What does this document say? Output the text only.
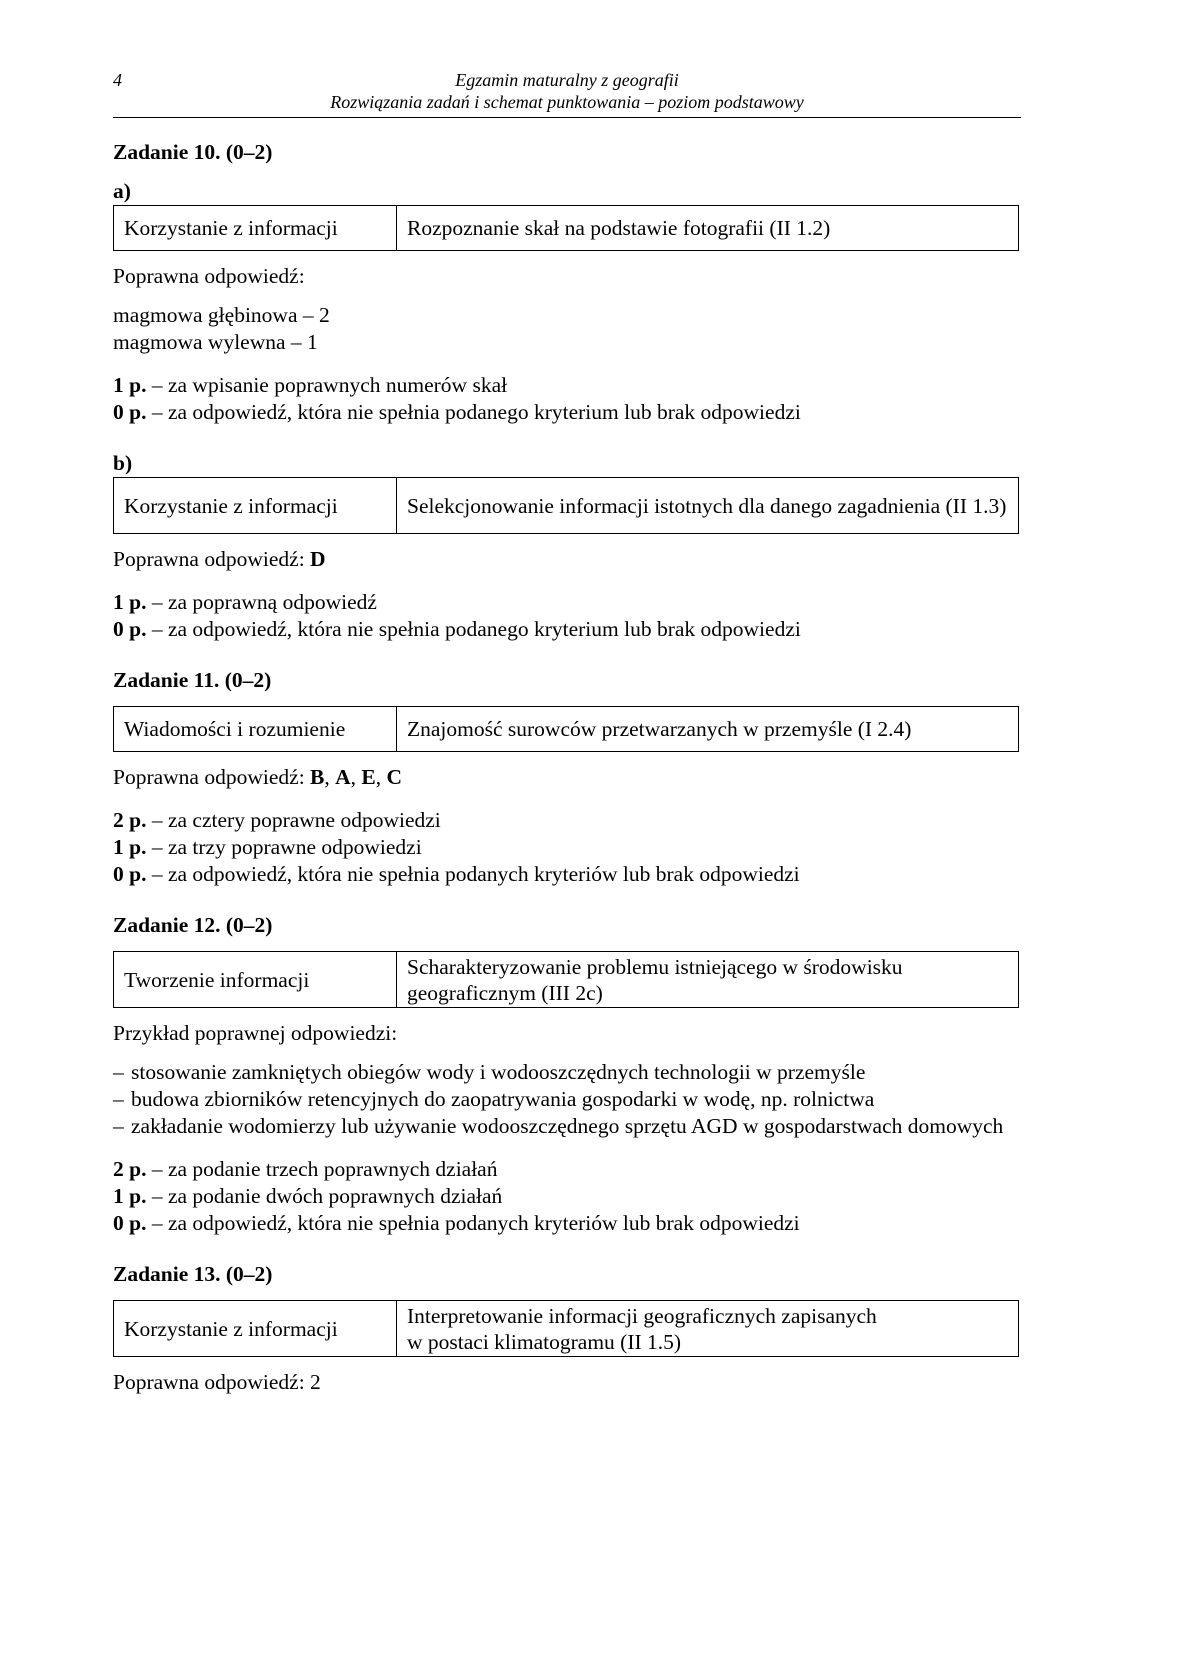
4	Egzamin maturalny z geografii
Rozwiązania zadań i schemat punktowania – poziom podstawowy

Zadanie 10. (0–2)

a)

Korzystanie z informacji	Rozpoznanie skał na podstawie fotografii (II 1.2)

Poprawna odpowiedź:

magmowa głębinowa – 2

magmowa wylewna – 1

1 p. – za wpisanie poprawnych numerów skał

0 p. – za odpowiedź, która nie spełnia podanego kryterium lub brak odpowiedzi

b)

Korzystanie z informacji	Selekcjonowanie informacji istotnych dla danego zagadnienia (II 1.3)

Poprawna odpowiedź: D

1 p. – za poprawną odpowiedź

0 p. – za odpowiedź, która nie spełnia podanego kryterium lub brak odpowiedzi

Zadanie 11. (0–2)

Wiadomości i rozumienie	Znajomość surowców przetwarzanych w przemyśle (I 2.4)

Poprawna odpowiedź: B, A, E, C

2 p. – za cztery poprawne odpowiedzi

1 p. – za trzy poprawne odpowiedzi

0 p. – za odpowiedź, która nie spełnia podanych kryteriów lub brak odpowiedzi

Zadanie 12. (0–2)

Tworzenie informacji	Scharakteryzowanie problemu istniejącego w środowisku geograficznym (III 2c)

Przykład poprawnej odpowiedzi:

– stosowanie zamkniętych obiegów wody i wodooszczędnych technologii w przemyśle
– budowa zbiorników retencyjnych do zaopatrywania gospodarki w wodę, np. rolnictwa
– zakładanie wodomierzy lub używanie wodooszczędnego sprzętu AGD w gospodarstwach domowych

2 p. – za podanie trzech poprawnych działań

1 p. – za podanie dwóch poprawnych działań

0 p. – za odpowiedź, która nie spełnia podanych kryteriów lub brak odpowiedzi

Zadanie 13. (0–2)

Korzystanie z informacji	Interpretowanie informacji geograficznych zapisanych
w postaci klimatogramu (II 1.5)

Poprawna odpowiedź: 2
